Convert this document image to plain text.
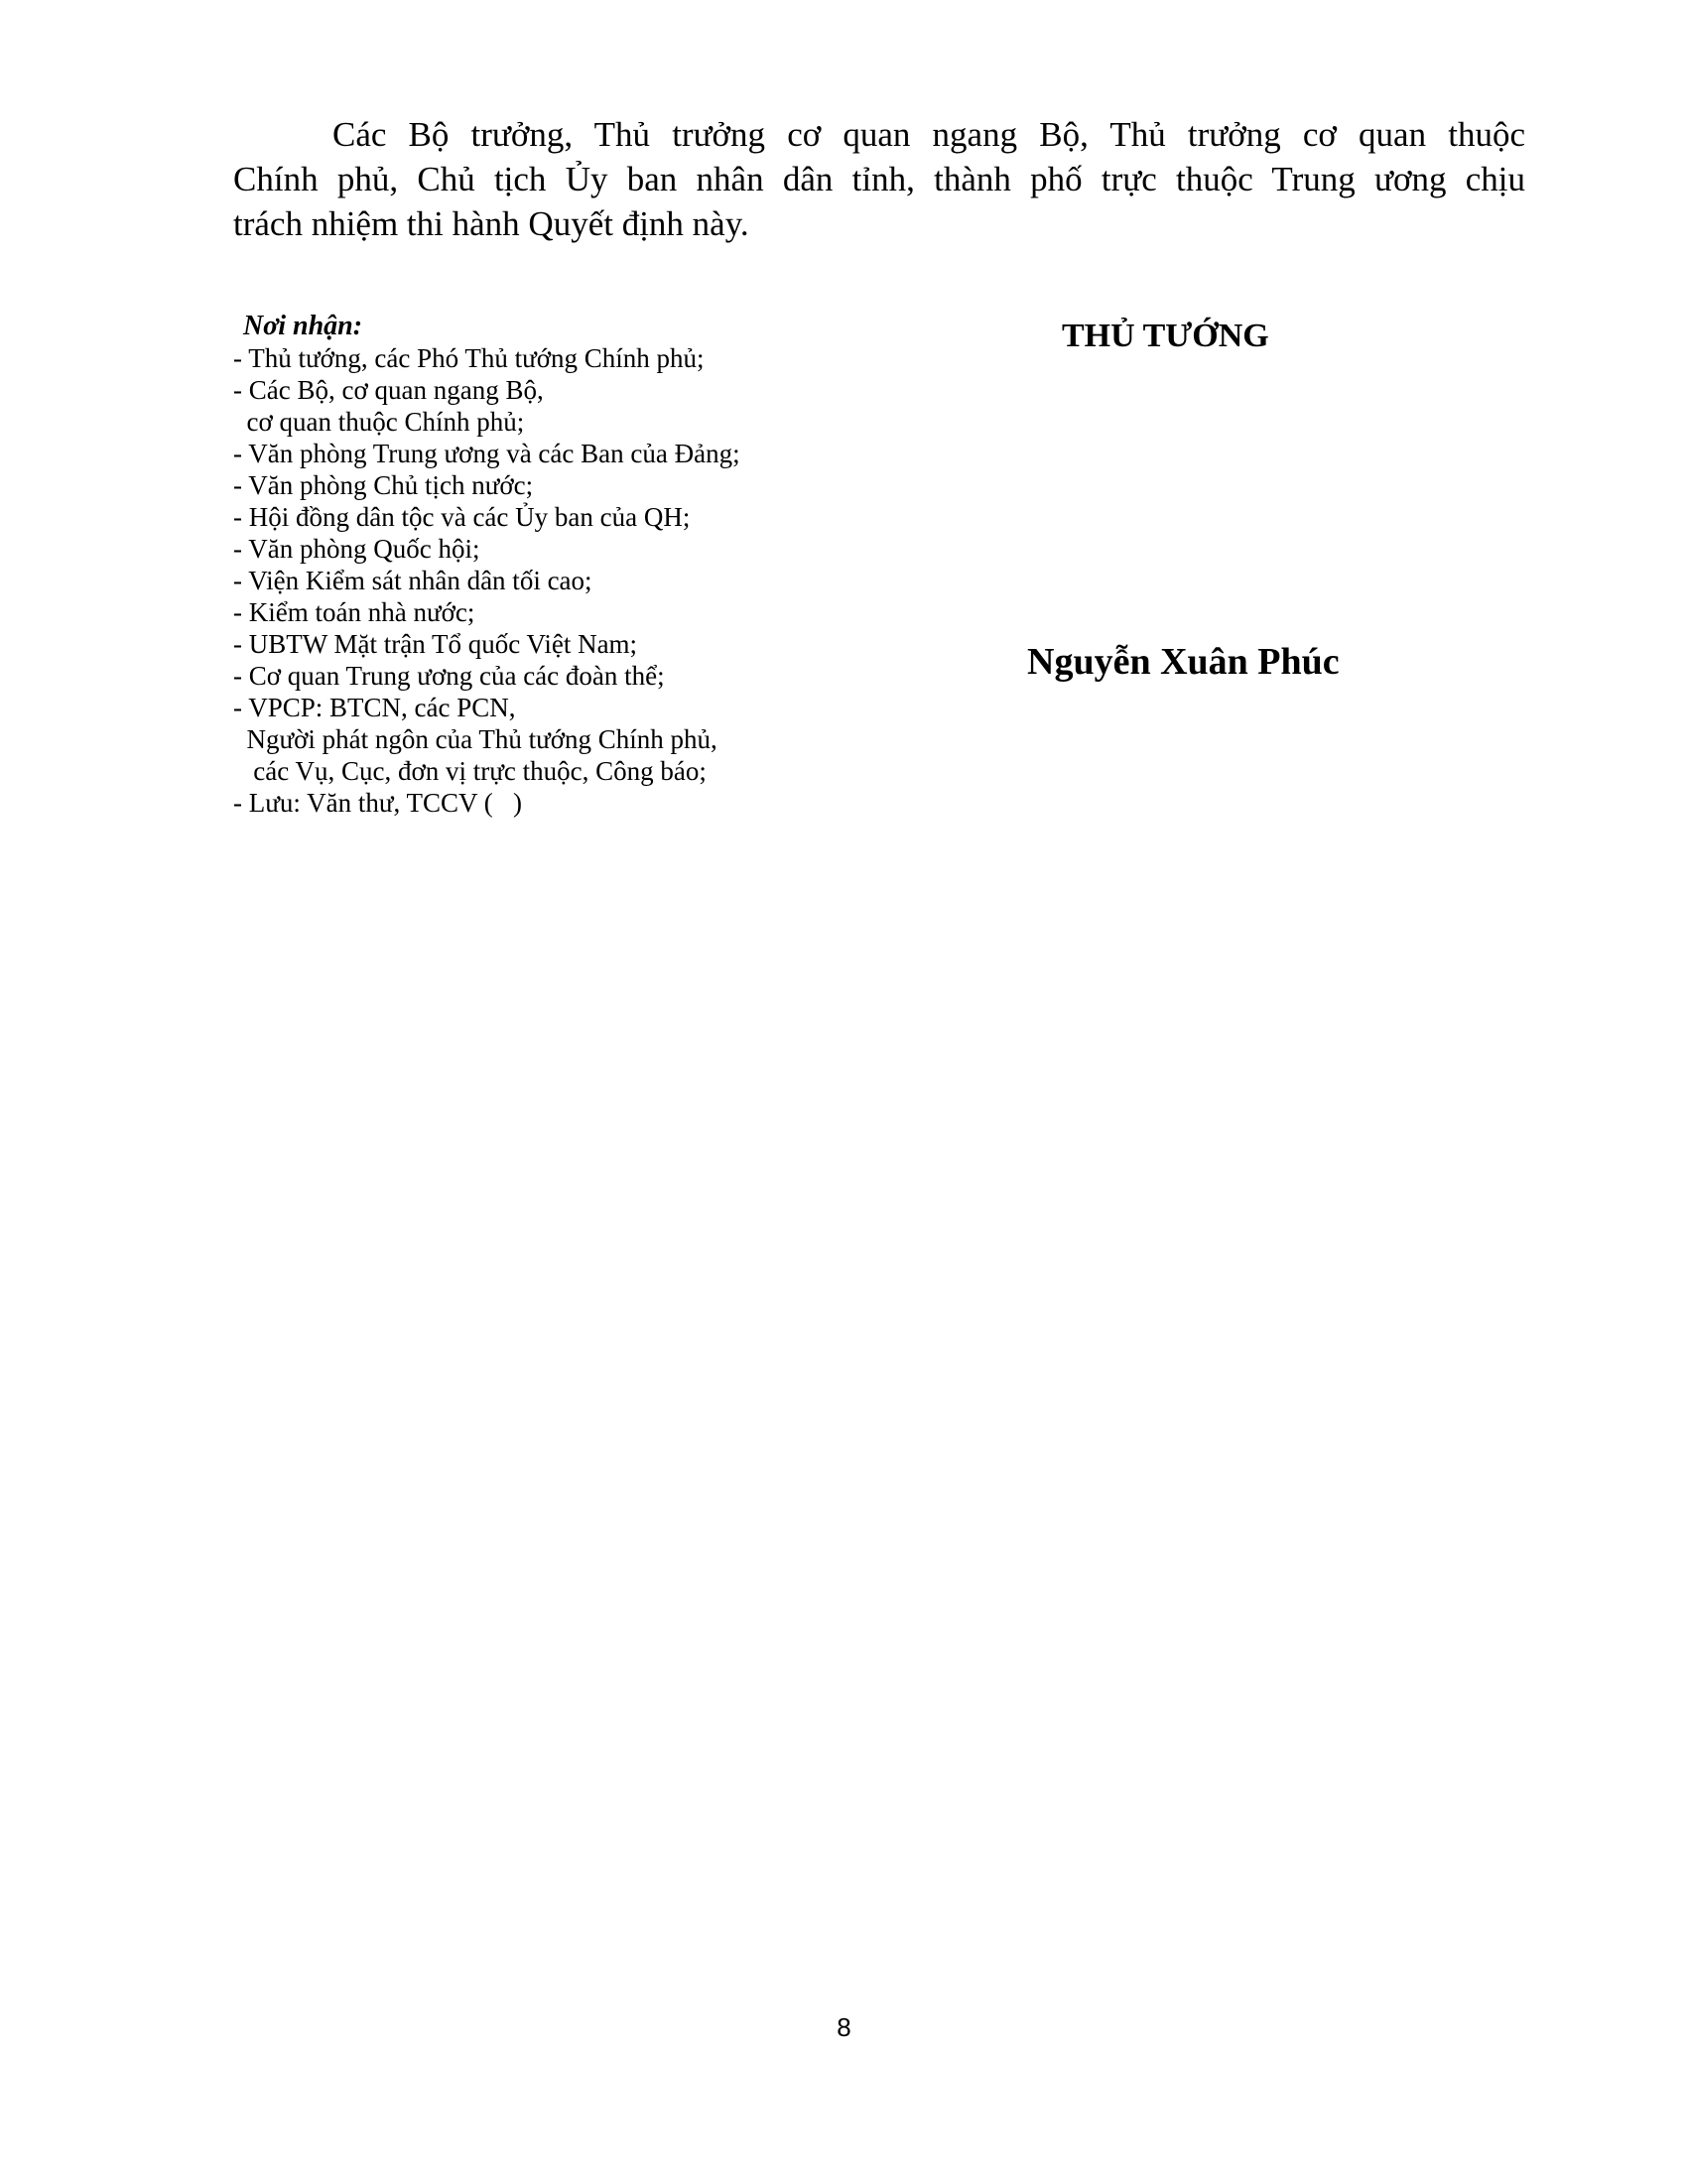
Các Bộ trưởng, Thủ trưởng cơ quan ngang Bộ, Thủ trưởng cơ quan thuộc
Chính phủ, Chủ tịch Ủy ban nhân dân tỉnh, thành phố trực thuộc Trung ương chịu
trách nhiệm thi hành Quyết định này.
Nơi nhận:
- Thủ tướng, các Phó Thủ tướng Chính phủ;
- Các Bộ, cơ quan ngang Bộ,
cơ quan thuộc Chính phủ;
- Văn phòng Trung ương và các Ban của Đảng;
- Văn phòng Chủ tịch nước;
- Hội đồng dân tộc và các Ủy ban của QH;
- Văn phòng Quốc hội;
- Viện Kiểm sát nhân dân tối cao;
- Kiểm toán nhà nước;
- UBTW Mặt trận Tổ quốc Việt Nam;
- Cơ quan Trung ương của các đoàn thể;
- VPCP: BTCN, các PCN,
Người phát ngôn của Thủ tướng Chính phủ,
các Vụ, Cục, đơn vị trực thuộc, Công báo;
- Lưu: Văn thư, TCCV (   )
THỦ TƯỚNG
Nguyễn Xuân Phúc
8
